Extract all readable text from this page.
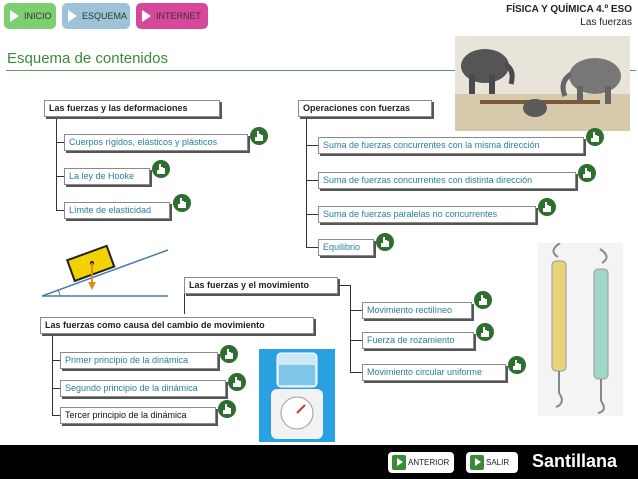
INICIO	ESQUEMA	INTERNET
FÍSICA Y QUÍMICA 4.º ESO
Las fuerzas
Esquema de contenidos
Las fuerzas y las deformaciones
Cuerpos rígidos, elásticos y plásticos
La ley de Hooke
Límite de elasticidad
Operaciones con fuerzas
Suma de fuerzas concurrentes con la misma dirección
Suma de fuerzas concurrentes con distinta dirección
Suma de fuerzas paralelas no concurrentes
Equilibrio
Las fuerzas y el movimiento
Movimiento rectilíneo
Fuerza de rozamiento
Movimiento circular uniforme
Las fuerzas como causa del cambio de movimiento
Primer principio de la dinámica
Segundo principio de la dinámica
Tercer principio de la dinámica
ANTERIOR	SALIR	Santillana
